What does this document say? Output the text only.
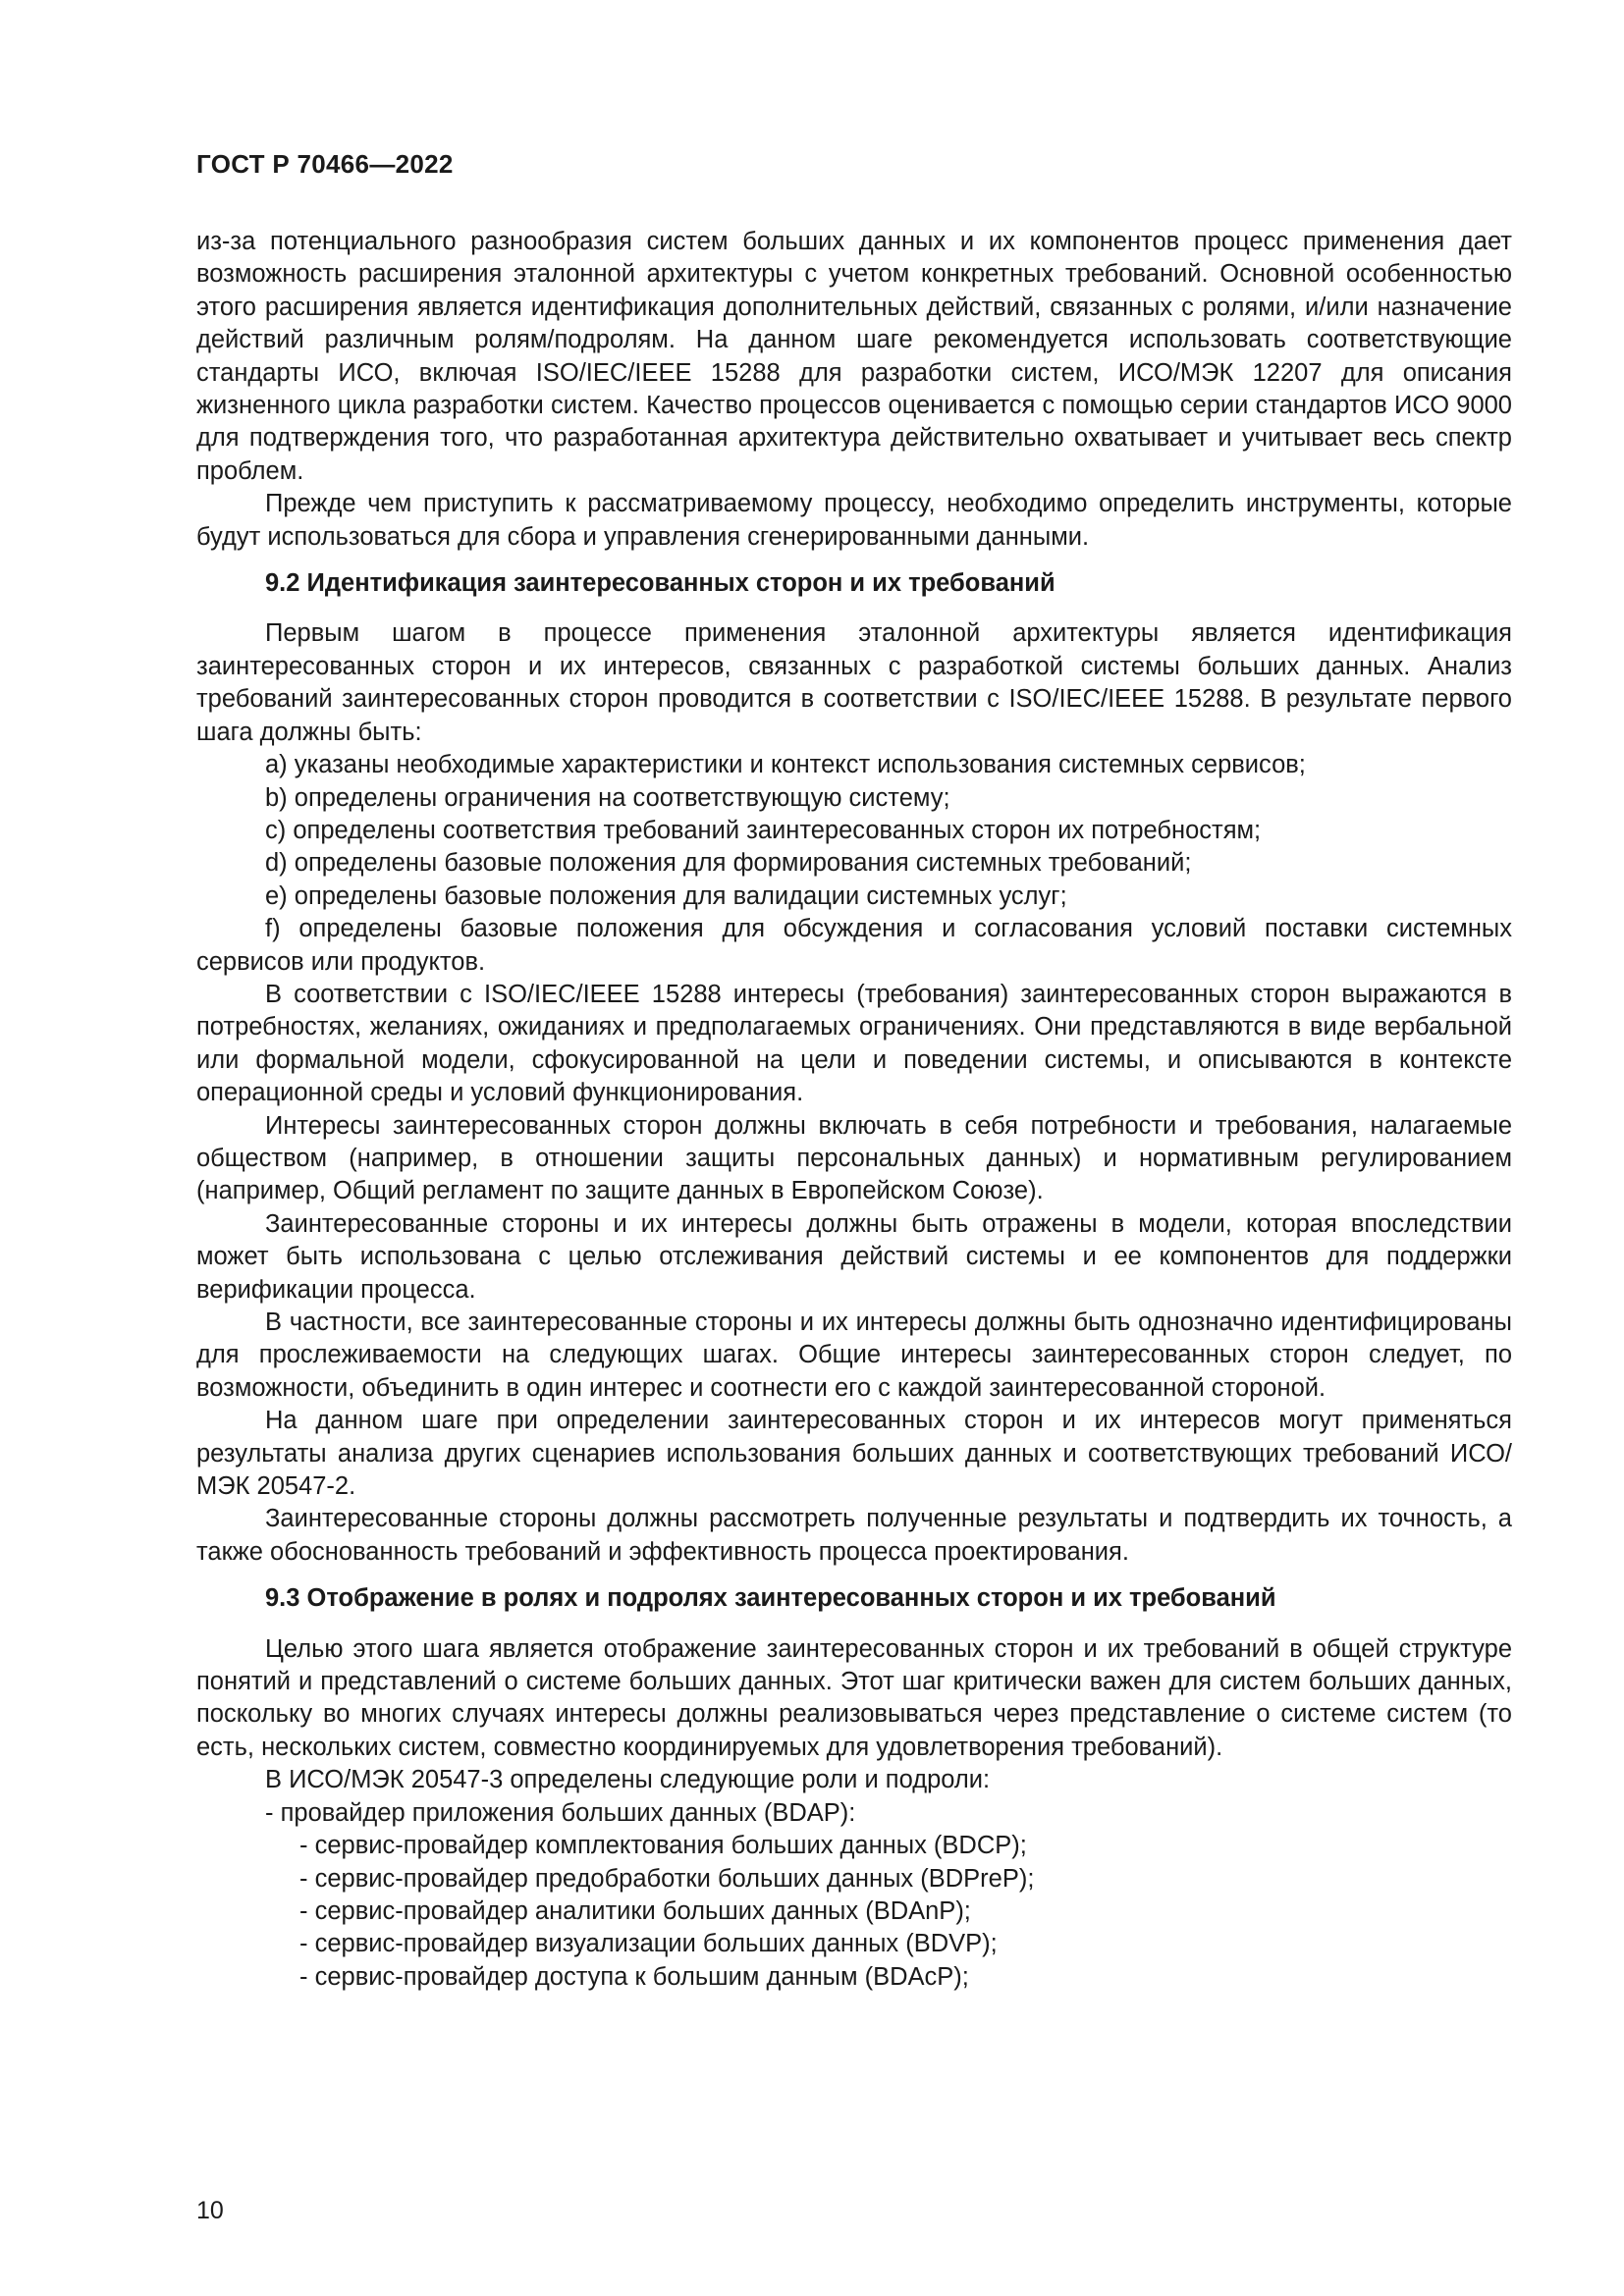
ГОСТ Р 70466—2022

из-за потенциального разнообразия систем больших данных и их компонентов процесс применения дает возможность расширения эталонной архитектуры с учетом конкретных требований. Основной особенностью этого расширения является идентификация дополнительных действий, связанных с ролями, и/или назначение действий различным ролям/подролям. На данном шаге рекомендуется использовать соответствующие стандарты ИСО, включая ISO/IEC/IEEE 15288 для разработки систем, ИСО/МЭК 12207 для описания жизненного цикла разработки систем. Качество процессов оценивается с помощью серии стандартов ИСО 9000 для подтверждения того, что разработанная архитектура действительно охватывает и учитывает весь спектр проблем.

Прежде чем приступить к рассматриваемому процессу, необходимо определить инструменты, которые будут использоваться для сбора и управления сгенерированными данными.

9.2 Идентификация заинтересованных сторон и их требований

Первым шагом в процессе применения эталонной архитектуры является идентификация заинтересованных сторон и их интересов, связанных с разработкой системы больших данных. Анализ требований заинтересованных сторон проводится в соответствии с ISO/IEC/IEEE 15288. В результате первого шага должны быть:

a) указаны необходимые характеристики и контекст использования системных сервисов;

b) определены ограничения на соответствующую систему;

c) определены соответствия требований заинтересованных сторон их потребностям;

d) определены базовые положения для формирования системных требований;

e) определены базовые положения для валидации системных услуг;

f) определены базовые положения для обсуждения и согласования условий поставки системных сервисов или продуктов.

В соответствии с ISO/IEC/IEEE 15288 интересы (требования) заинтересованных сторон выражаются в потребностях, желаниях, ожиданиях и предполагаемых ограничениях. Они представляются в виде вербальной или формальной модели, сфокусированной на цели и поведении системы, и описываются в контексте операционной среды и условий функционирования.

Интересы заинтересованных сторон должны включать в себя потребности и требования, налагаемые обществом (например, в отношении защиты персональных данных) и нормативным регулированием (например, Общий регламент по защите данных в Европейском Союзе).

Заинтересованные стороны и их интересы должны быть отражены в модели, которая впоследствии может быть использована с целью отслеживания действий системы и ее компонентов для поддержки верификации процесса.

В частности, все заинтересованные стороны и их интересы должны быть однозначно идентифицированы для прослеживаемости на следующих шагах. Общие интересы заинтересованных сторон следует, по возможности, объединить в один интерес и соотнести его с каждой заинтересованной стороной.

На данном шаге при определении заинтересованных сторон и их интересов могут применяться результаты анализа других сценариев использования больших данных и соответствующих требований ИСО/МЭК 20547-2.

Заинтересованные стороны должны рассмотреть полученные результаты и подтвердить их точность, а также обоснованность требований и эффективность процесса проектирования.

9.3 Отображение в ролях и подролях заинтересованных сторон и их требований

Целью этого шага является отображение заинтересованных сторон и их требований в общей структуре понятий и представлений о системе больших данных. Этот шаг критически важен для систем больших данных, поскольку во многих случаях интересы должны реализовываться через представление о системе систем (то есть, нескольких систем, совместно координируемых для удовлетворения требований).

В ИСО/МЭК 20547-3 определены следующие роли и подроли:

- провайдер приложения больших данных (BDAP):

- сервис-провайдер комплектования больших данных (BDCP);

- сервис-провайдер предобработки больших данных (BDPreP);

- сервис-провайдер аналитики больших данных (BDAnP);

- сервис-провайдер визуализации больших данных (BDVP);

- сервис-провайдер доступа к большим данным (BDAcP);

10
